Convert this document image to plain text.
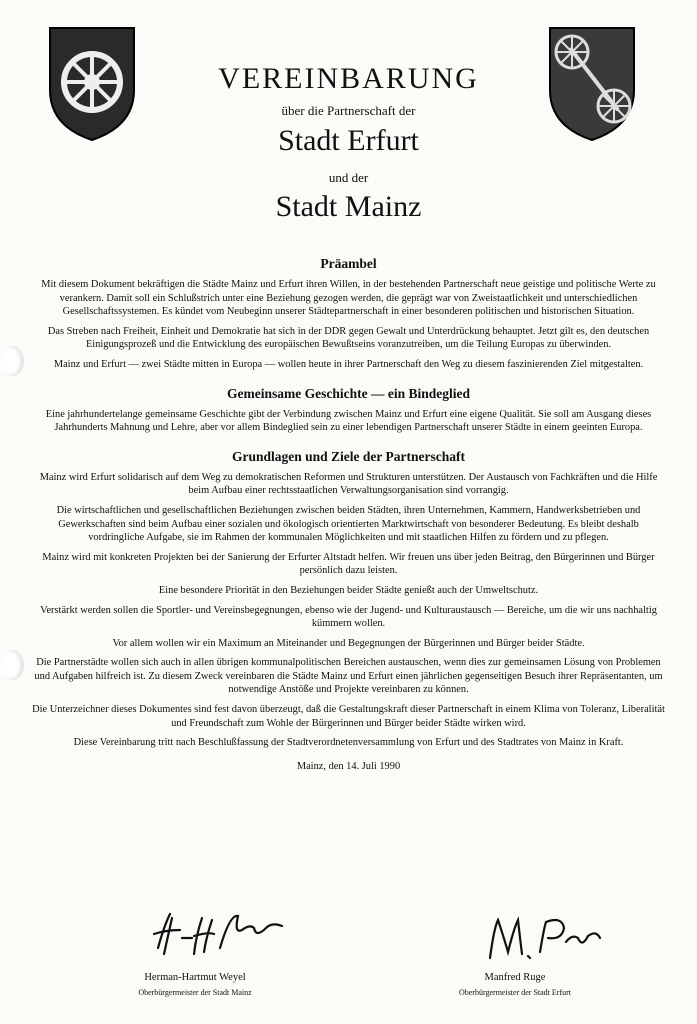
VEREINBARUNG
über die Partnerschaft der
Stadt Erfurt
und der
Stadt Mainz
Präambel

Mit diesem Dokument bekräftigen die Städte Mainz und Erfurt ihren Willen, in der bestehenden Partnerschaft neue geistige und politische Werte zu verankern. Damit soll ein Schlußstrich unter eine Beziehung gezogen werden, die geprägt war von Zweistaatlichkeit und unterschiedlichen Gesellschaftssystemen. Es kündet vom Neubeginn unserer Städtepartnerschaft in einer besonderen politischen und historischen Situation.

Das Streben nach Freiheit, Einheit und Demokratie hat sich in der DDR gegen Gewalt und Unterdrückung behauptet. Jetzt gilt es, den deutschen Einigungsprozeß und die Entwicklung des europäischen Bewußtseins voranzutreiben, um die Teilung Europas zu überwinden.

Mainz und Erfurt — zwei Städte mitten in Europa — wollen heute in ihrer Partnerschaft den Weg zu diesem faszinierenden Ziel mitgestalten.

Gemeinsame Geschichte — ein Bindeglied

Eine jahrhundertelange gemeinsame Geschichte gibt der Verbindung zwischen Mainz und Erfurt eine eigene Qualität. Sie soll am Ausgang dieses Jahrhunderts Mahnung und Lehre, aber vor allem Bindeglied sein zu einer lebendigen Partnerschaft unserer Städte in einem geeinten Europa.

Grundlagen und Ziele der Partnerschaft

Mainz wird Erfurt solidarisch auf dem Weg zu demokratischen Reformen und Strukturen unterstützen. Der Austausch von Fachkräften und die Hilfe beim Aufbau einer rechtsstaatlichen Verwaltungsorganisation sind vorrangig.

Die wirtschaftlichen und gesellschaftlichen Beziehungen zwischen beiden Städten, ihren Unternehmen, Kammern, Handwerksbetrieben und Gewerkschaften sind beim Aufbau einer sozialen und ökologisch orientierten Marktwirtschaft von besonderer Bedeutung. Es bleibt deshalb vordringliche Aufgabe, sie im Rahmen der kommunalen Möglichkeiten und mit staatlichen Hilfen zu fördern und zu pflegen.

Mainz wird mit konkreten Projekten bei der Sanierung der Erfurter Altstadt helfen. Wir freuen uns über jeden Beitrag, den Bürgerinnen und Bürger persönlich dazu leisten.

Eine besondere Priorität in den Beziehungen beider Städte genießt auch der Umweltschutz.

Verstärkt werden sollen die Sportler- und Vereinsbegegnungen, ebenso wie der Jugend- und Kulturaustausch — Bereiche, um die wir uns nachhaltig kümmern wollen.

Vor allem wollen wir ein Maximum an Miteinander und Begegnungen der Bürgerinnen und Bürger beider Städte.

Die Partnerstädte wollen sich auch in allen übrigen kommunalpolitischen Bereichen austauschen, wenn dies zur gemeinsamen Lösung von Problemen und Aufgaben hilfreich ist. Zu diesem Zweck vereinbaren die Städte Mainz und Erfurt einen jährlichen gegenseitigen Besuch ihrer Repräsentanten, um notwendige Anstöße und Projekte vereinbaren zu können.

Die Unterzeichner dieses Dokumentes sind fest davon überzeugt, daß die Gestaltungskraft dieser Partnerschaft in einem Klima von Toleranz, Liberalität und Freundschaft zum Wohle der Bürgerinnen und Bürger beider Städte wirken wird.

Diese Vereinbarung tritt nach Beschlußfassung der Stadtverordnetenversammlung von Erfurt und des Stadtrates von Mainz in Kraft.

Mainz, den 14. Juli 1990

Herman-Hartmut Weyel
Oberbürgermeister der Stadt Mainz
Manfred Ruge
Oberbürgermeister der Stadt Erfurt
